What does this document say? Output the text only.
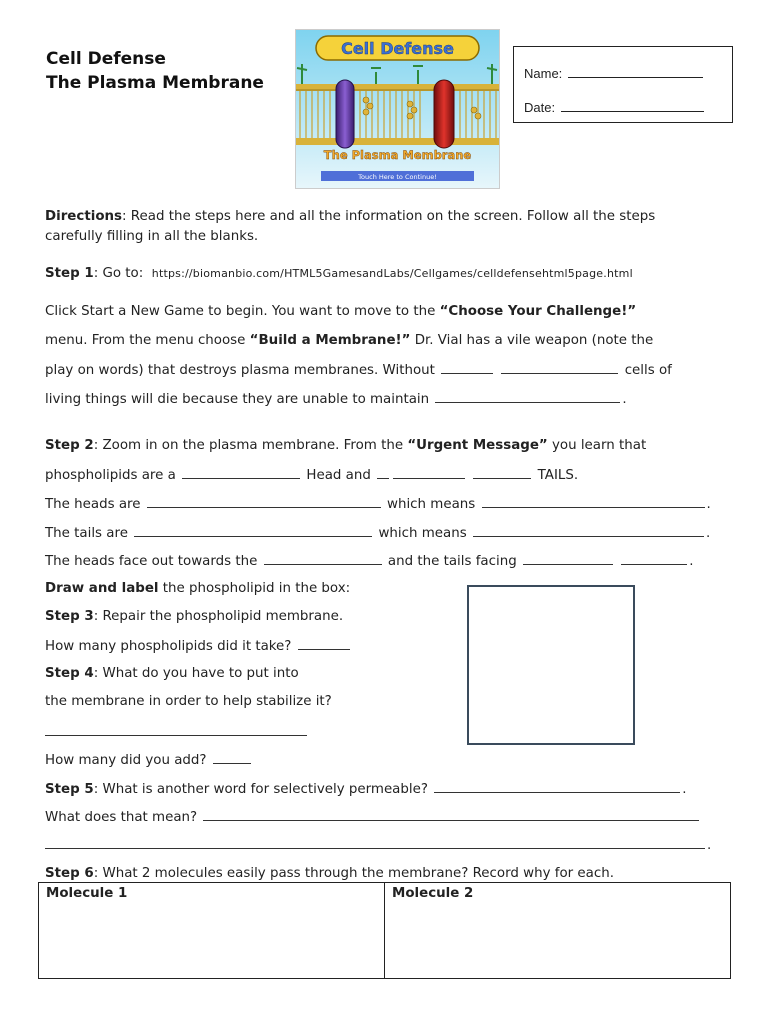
Cell Defense
The Plasma Membrane
Cell Defense
The Plasma Membrane
Touch Here to Continue!
Name:
Date:
Directions: Read the steps here and all the information on the screen. Follow all the steps
carefully filling in all the blanks.
Step 1: Go to: https://biomanbio.com/HTML5GamesandLabs/Cellgames/celldefensehtml5page.html
Click Start a New Game to begin. You want to move to the “Choose Your Challenge!”
menu. From the menu choose “Build a Membrane!” Dr. Vial has a vile weapon (note the
play on words) that destroys plasma membranes. Without	cells of
living things will die because they are unable to maintain	.
Step 2: Zoom in on the plasma membrane. From the “Urgent Message” you learn that
phospholipids are a	Head and	TAILS.
The heads are	which means	.
The tails are	which means	.
The heads face out towards the	and the tails facing	.
Draw and label the phospholipid in the box:
Step 3: Repair the phospholipid membrane.
How many phospholipids did it take?
Step 4: What do you have to put into
the membrane in order to help stabilize it?
How many did you add?
Step 5: What is another word for selectively permeable?	.
What does that mean?
.
Step 6: What 2 molecules easily pass through the membrane? Record why for each.
Molecule 1	Molecule 2
